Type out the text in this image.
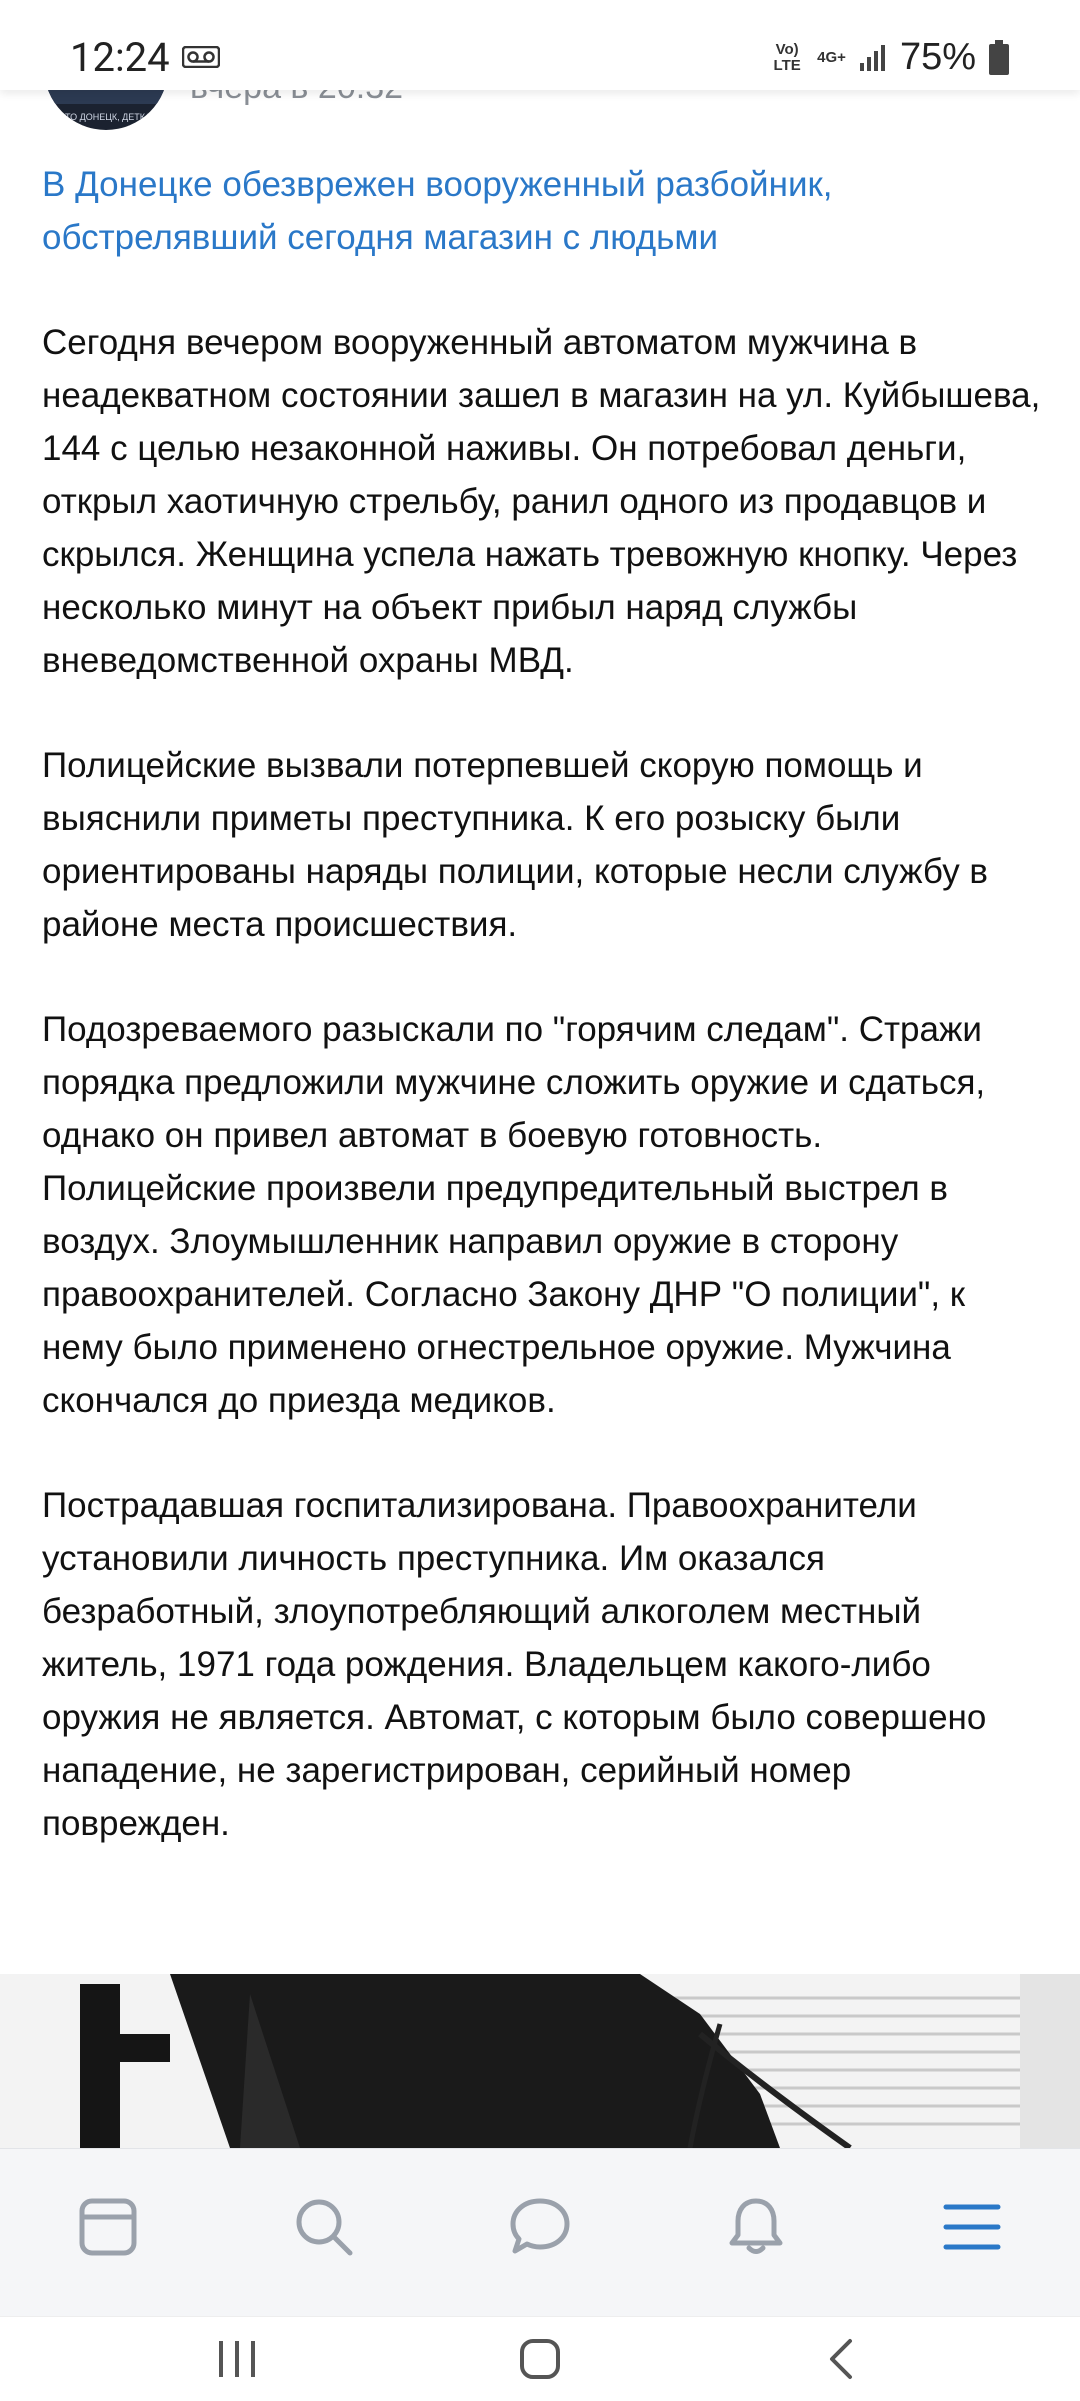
ЭТО ДОНЕЦК, ДЕТКА!
12:24	Vo) LTE 4G+ 75%
В Донецке обезврежен вооруженный разбойник, обстрелявший сегодня магазин с людьми

Сегодня вечером вооруженный автоматом мужчина в неадекватном состоянии зашел в магазин на ул. Куйбышева, 144 с целью незаконной наживы. Он потребовал деньги, открыл хаотичную стрельбу, ранил одного из продавцов и скрылся. Женщина успела нажать тревожную кнопку. Через несколько минут на объект прибыл наряд службы вневедомственной охраны МВД.

Полицейские вызвали потерпевшей скорую помощь и выяснили приметы преступника. К его розыску были ориентированы наряды полиции, которые несли службу в районе места происшествия.

Подозреваемого разыскали по "горячим следам". Стражи порядка предложили мужчине сложить оружие и сдаться, однако он привел автомат в боевую готовность. Полицейские произвели предупредительный выстрел в воздух. Злоумышленник направил оружие в сторону правоохранителей. Согласно Закону ДНР "О полиции", к нему было применено огнестрельное оружие. Мужчина скончался до приезда медиков.

Пострадавшая госпитализирована. Правоохранители установили личность преступника. Им оказался безработный, злоупотребляющий алкоголем местный житель, 1971 года рождения. Владельцем какого-либо оружия не является. Автомат, с которым было совершено нападение, не зарегистрирован, серийный номер поврежден.
